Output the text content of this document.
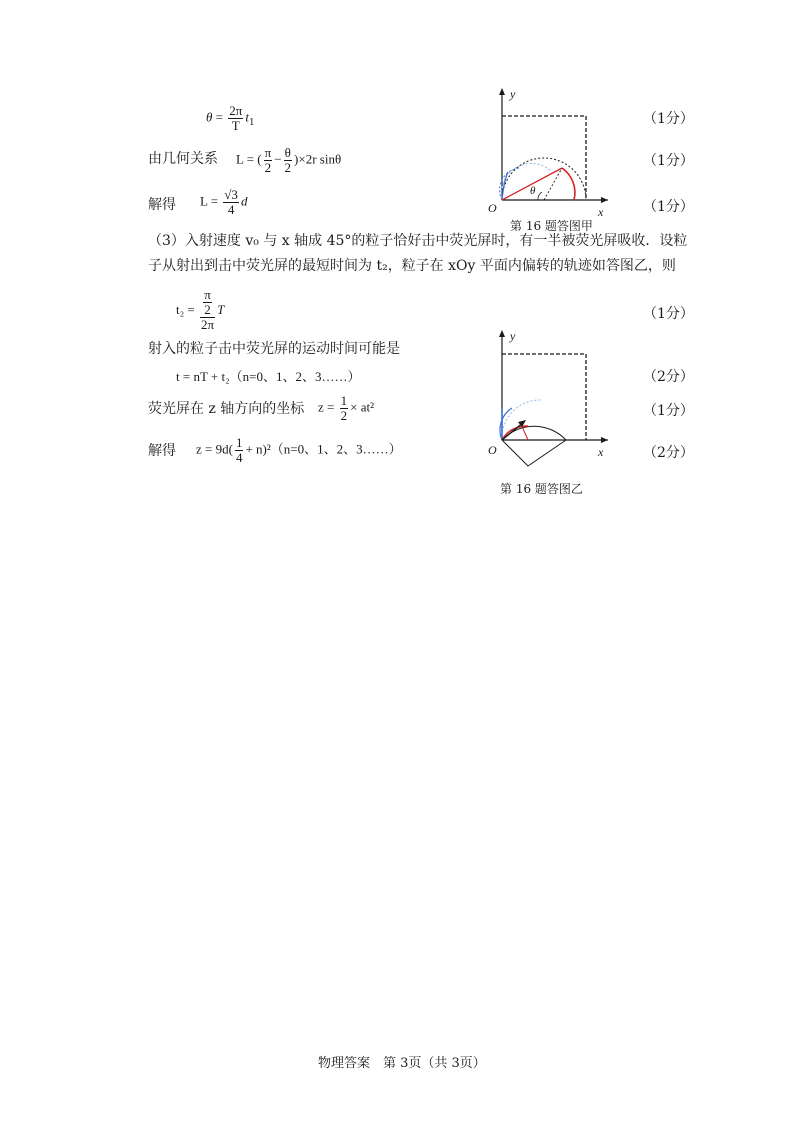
$\theta = \frac{2\pi}{T} t_1$
由几何关系 L = ( $\frac{\pi}{2} - \frac{\theta}{2} )\times 2r$ sinθ
解得 $L = \frac{√3}{4}$ d
（3）入射速度 v₀ 与 x 轴成 45°的粒子恰好击中荧光屏时，有一半被荧光屏吸收．设粒
子从射出到击中荧光屏的最短时间为 t₂，粒子在 xOy 平面内偏转的轨迹如答图乙，则
$t_2 = \frac{\frac{\pi}{2}}{2\pi}$ T
射入的粒子击中荧光屏的运动时间可能是
t = nT + t₂（n=0、1、2、3……）
荧光屏在 z 轴方向的坐标 $z = \frac{1}{2} \times at^2$
解得 $z = 9d( \frac{1}{4} + n)^2(n=0$、1、2、3……）
（1分）
（1分）
（1分）
（1分）
（2分）
（1分）
（2分）
θ
y
x
O
第 16 题答图甲
y
x
O
第 16 题答图乙
物理答案　第 3页（共 3页）
